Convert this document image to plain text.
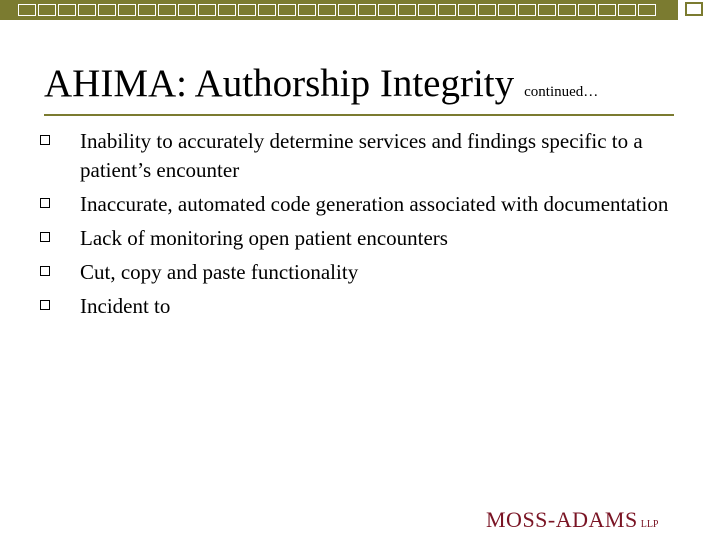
AHIMA: Authorship Integrity continued…
Inability to accurately determine services and findings specific to a patient’s encounter
Inaccurate, automated code generation associated with documentation
Lack of monitoring open patient encounters
Cut, copy and paste functionality
Incident to
MOSS-ADAMS LLP
